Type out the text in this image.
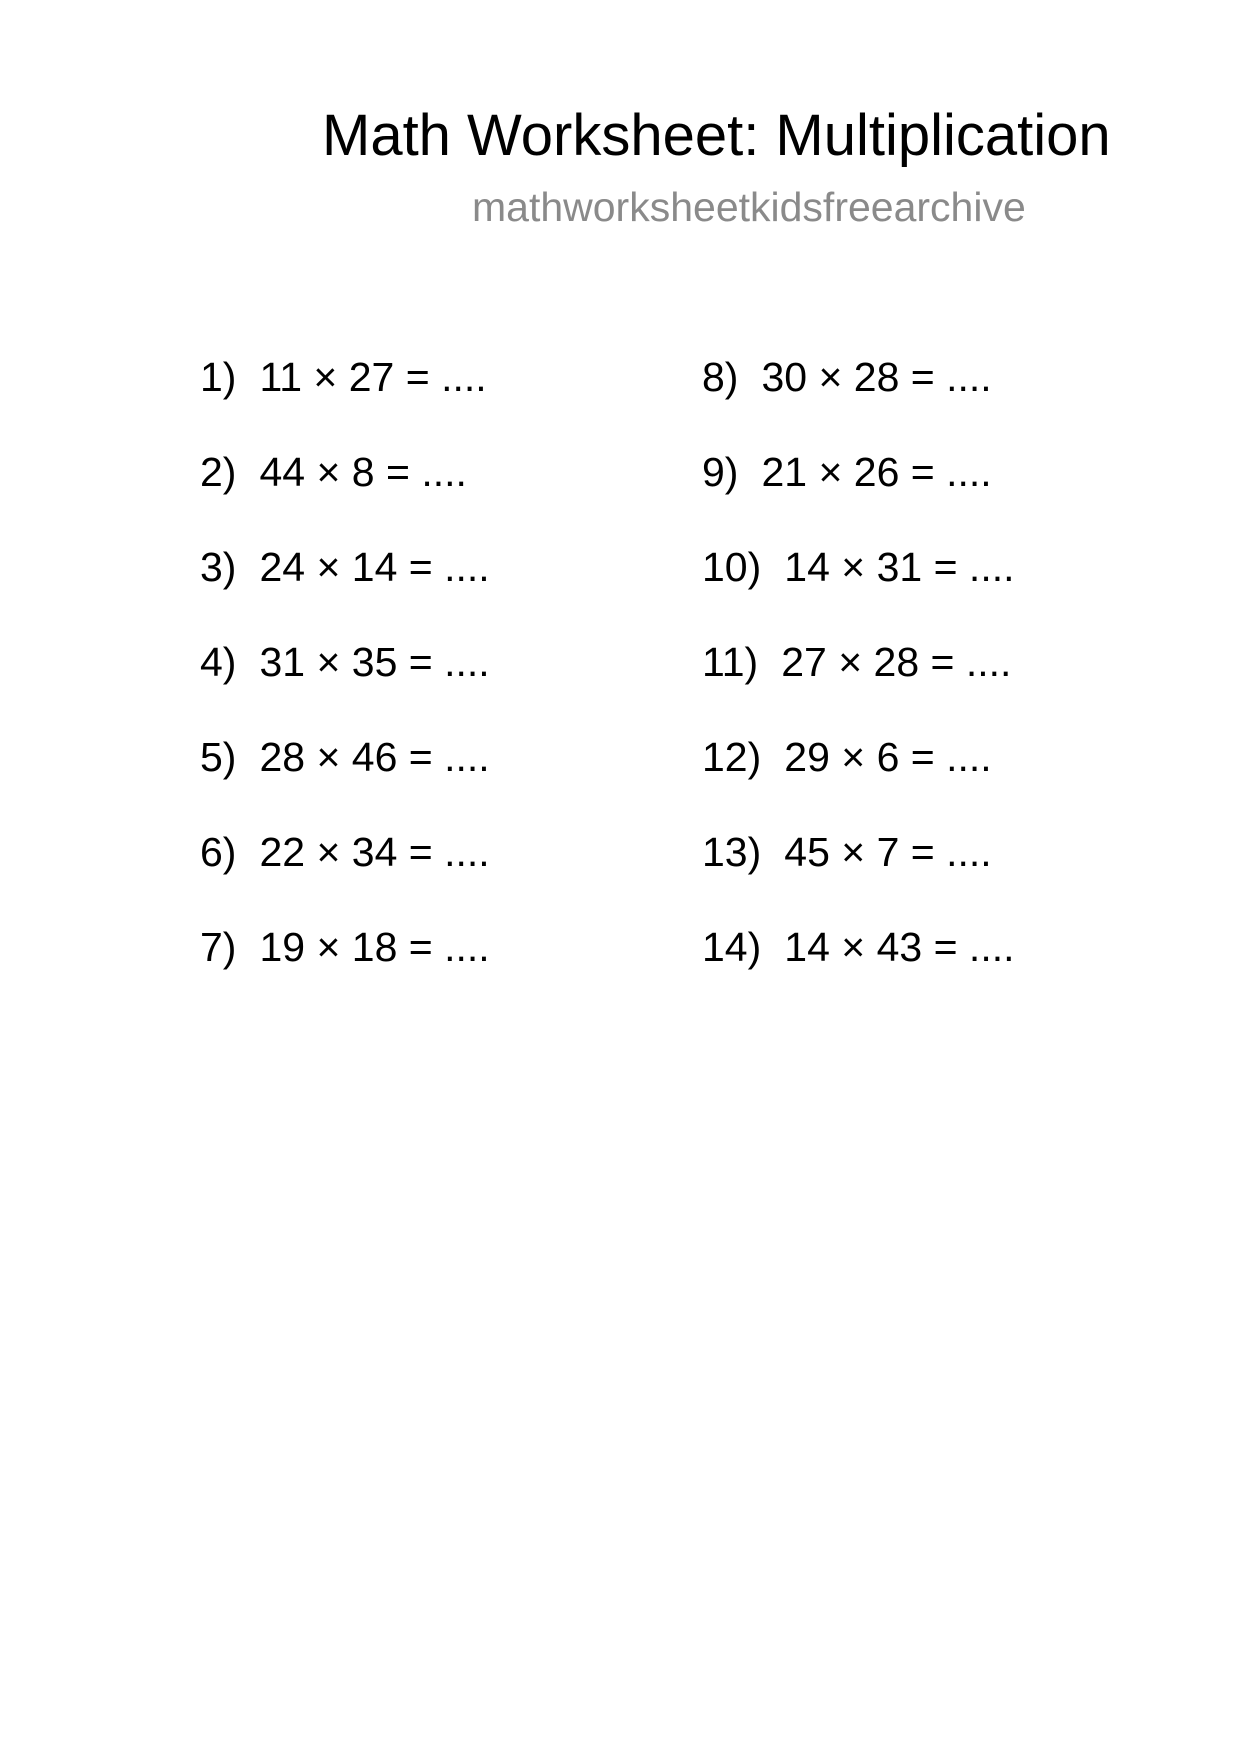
Math Worksheet: Multiplication
mathworksheetkidsfreearchive
1) 11 × 27 = ....
2) 44 × 8 = ....
3) 24 × 14 = ....
4) 31 × 35 = ....
5) 28 × 46 = ....
6) 22 × 34 = ....
7) 19 × 18 = ....
8) 30 × 28 = ....
9) 21 × 26 = ....
10) 14 × 31 = ....
11) 27 × 28 = ....
12) 29 × 6 = ....
13) 45 × 7 = ....
14) 14 × 43 = ....
